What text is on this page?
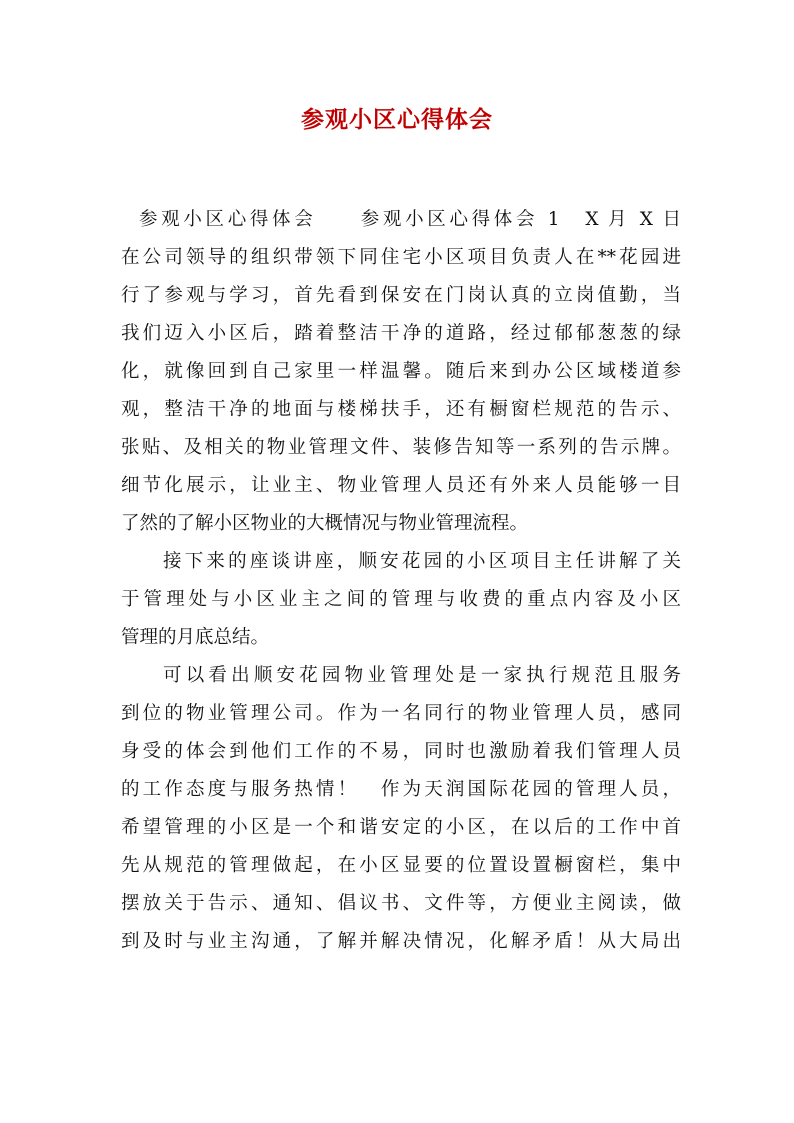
参观小区心得体会
参观小区心得体会　　参观小区心得体会 1　X 月 X 日
在公司领导的组织带领下同住宅小区项目负责人在**花园进
行了参观与学习，首先看到保安在门岗认真的立岗值勤，当
我们迈入小区后，踏着整洁干净的道路，经过郁郁葱葱的绿
化，就像回到自己家里一样温馨。随后来到办公区域楼道参
观，整洁干净的地面与楼梯扶手，还有橱窗栏规范的告示、
张贴、及相关的物业管理文件、装修告知等一系列的告示牌。
细节化展示，让业主、物业管理人员还有外来人员能够一目
了然的了解小区物业的大概情况与物业管理流程。
接下来的座谈讲座，顺安花园的小区项目主任讲解了关
于管理处与小区业主之间的管理与收费的重点内容及小区
管理的月底总结。
可以看出顺安花园物业管理处是一家执行规范且服务
到位的物业管理公司。作为一名同行的物业管理人员，感同
身受的体会到他们工作的不易，同时也激励着我们管理人员
的工作态度与服务热情！　作为天润国际花园的管理人员，
希望管理的小区是一个和谐安定的小区，在以后的工作中首
先从规范的管理做起，在小区显要的位置设置橱窗栏，集中
摆放关于告示、通知、倡议书、文件等，方便业主阅读，做
到及时与业主沟通，了解并解决情况，化解矛盾！从大局出
